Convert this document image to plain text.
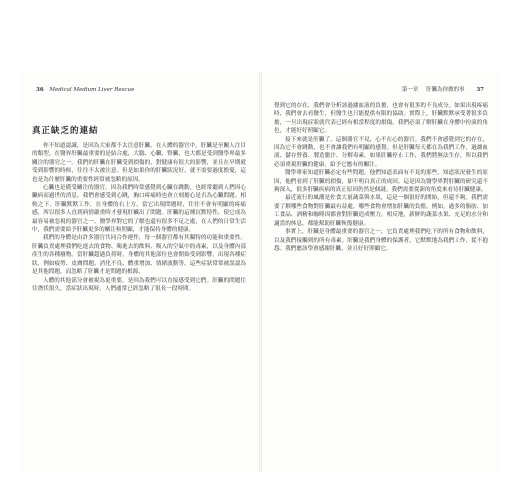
36 Medical Medium Liver Rescue
真正缺乏的連結

你不知道認識，是因為大家都不太注意肝臟。在人體的器官中，肝臟是至關人注目的類型。在醫界肝臟最重要的是結合處，大腦、心臟、腎臟，也大都是受到醫學界最多關注的器官之一。我們的肝臟在肝臟受到損傷的，對健康有很大的影響，並且在早期就受到影響的時候，往往不太被注意。但是如果你的肝臟狀況好，就不需要過度擔憂，這也是為什麼肝臟的重要性經常被忽略的原因。

心臟也是備受關注的器官，因為我們時常感覺到心臟在跳動，也經常聽到人們因心臟病而過世的消息。我們會感受到心跳，胸口疼痛時也會立刻擔心是否為心臟問題。相較之下，肝臟默默工作，在身體的右上方，當它出現問題時，往往不會有明顯的疼痛感，所以很多人直到病情嚴重時才發現肝臟出了問題。肝臟的這種沉默特性，使它成為最容易被忽視的器官之一。醫學界對它的了解也還有很多不足之處，在人們的日常生活中，我們需要給予肝臟更多的關注和照顧，才能保持身體的健康。

我們的身體是由許多器官共同合作運作，每一個器官都有其獨特的功能和重要性。肝臟負責處理我們吃進去的食物、喝進去的飲料、吸入的空氣中的毒素，以及身體內部產生的各種廢物。當肝臟超過負荷時，身體的其他部位也會開始受到影響，出現各種症狀，例如疲勞、皮膚問題、消化不良、體重增加、情緒波動等。這些症狀常常被誤認為是其他問題，而忽略了肝臟才是問題的根源。

人體的其他部分會被視為更重要，是因為我們可以直接感受到它們。肝臟的問題往往潛伏很久，當症狀出現時，人們通常已經忽略了很長一段時間。

第一章 肝臟為你做的事 37

覺到它的存在，我們會分析該過濾血液的負擔，也會有很多的不良成分。如果出現疼痛時，我們會去看醫生，但醫生也只能提供有限的協助。實際上，肝臟默默承受著很多負擔，一旦出現症狀就代表已經有相當程度的損傷。我們必須了解肝臟在身體中扮演的角色，才能好好照顧它。

接下來就是肝臟了，這個器官不見，心不在心的器官。我們不會感覺到它的存在，因為它不會跳動，也不會讓我們有明顯的感覺。但是肝臟每天都在為我們工作，過濾血液、儲存營養、製造膽汁、分解毒素。如果肝臟停止工作，我們將無法生存。所以我們必須重視肝臟的健康，給予它應有的關注。

醫學專家知道肝臟必定有些問題，他們知道表面有不見的那些，知道狀況發生的原因，他們看到了肝臟的損傷，卻不明白真正的成因。這是因為醫學界對肝臟的研究還不夠深入，很多肝臟疾病的真正原因仍然是個謎。我們需要從新的角度來看待肝臟健康。

最近流行的風潮是佐食大量蔬菜與水果，這是一個很好的開始，但還不夠。我們需要了解哪些食物對肝臟最有益處，哪些食物會增加肝臟的負擔。例如，過多的脂肪、加工食品、酒精和咖啡因都會對肝臟造成壓力。相反地，新鮮的蔬菜水果、充足的水分和適當的休息，都能幫助肝臟恢復健康。

事實上，肝臟是身體最重要的器官之一，它負責處理我們吃下的所有食物和飲料，以及我們接觸到的所有毒素。肝臟是我們身體的保護者，它默默地為我們工作，從不抱怨。我們應該學會感謝肝臟，並且好好照顧它。
